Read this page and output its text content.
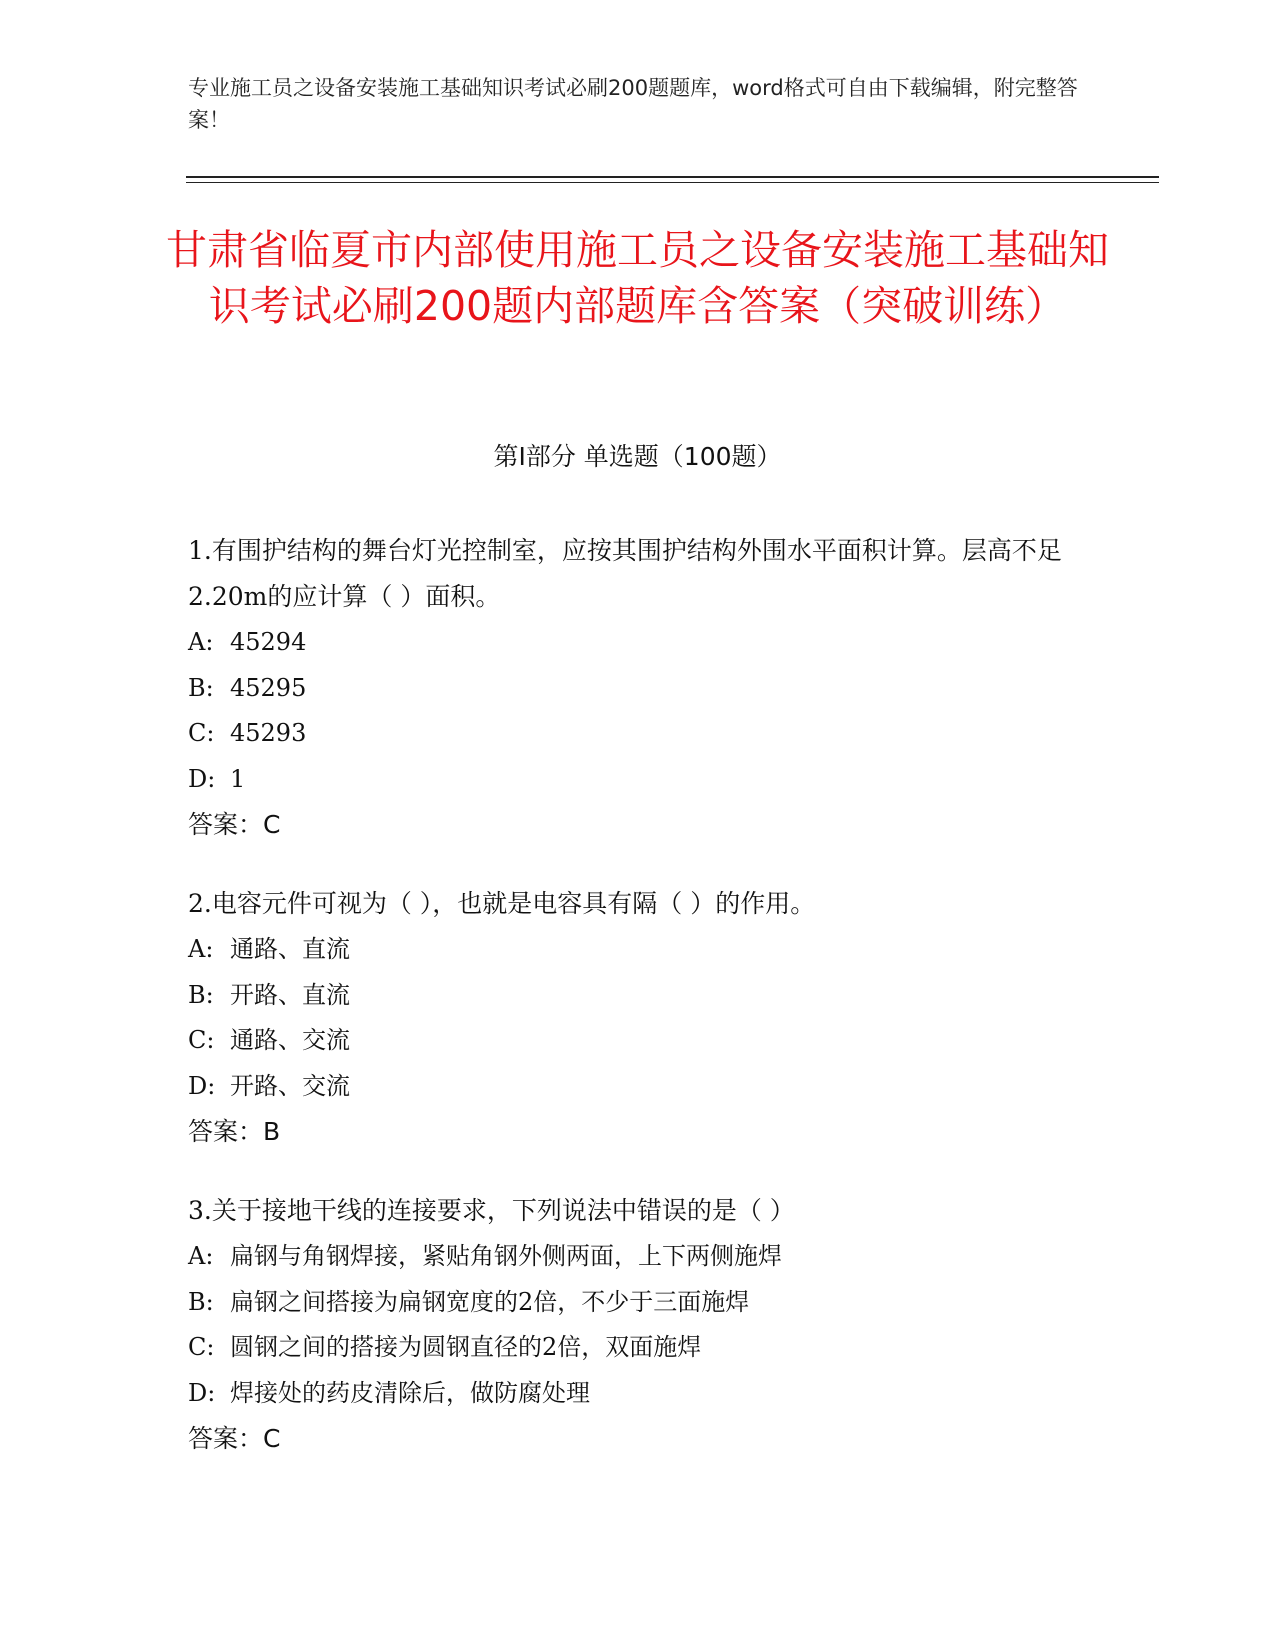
专业施工员之设备安装施工基础知识考试必刷200题题库，word格式可自由下载编辑，附完整答案！
甘肃省临夏市内部使用施工员之设备安装施工基础知识考试必刷200题内部题库含答案（突破训练）
第I部分 单选题（100题）

1.有围护结构的舞台灯光控制室，应按其围护结构外围水平面积计算。层高不足2.20m的应计算（ ）面积。

A: 45294
B: 45295
C: 45293
D: 1
答案：C

2.电容元件可视为（ ），也就是电容具有隔（ ）的作用。

A: 通路、直流
B: 开路、直流
C: 通路、交流
D: 开路、交流
答案：B

3.关于接地干线的连接要求，下列说法中错误的是（ ）

A: 扁钢与角钢焊接，紧贴角钢外侧两面，上下两侧施焊
B: 扁钢之间搭接为扁钢宽度的2倍，不少于三面施焊
C: 圆钢之间的搭接为圆钢直径的2倍，双面施焊
D: 焊接处的药皮清除后，做防腐处理
答案：C
